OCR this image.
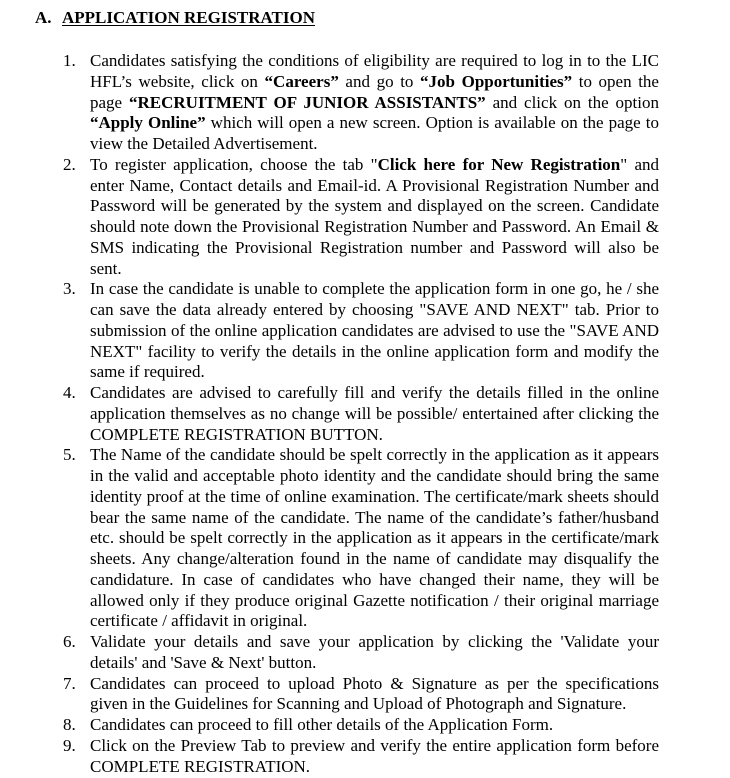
A. APPLICATION REGISTRATION
1. Candidates satisfying the conditions of eligibility are required to log in to the LIC HFL’s website, click on “Careers” and go to “Job Opportunities” to open the page “RECRUITMENT OF JUNIOR ASSISTANTS” and click on the option “Apply Online” which will open a new screen. Option is available on the page to view the Detailed Advertisement.
2. To register application, choose the tab "Click here for New Registration" and enter Name, Contact details and Email-id. A Provisional Registration Number and Password will be generated by the system and displayed on the screen. Candidate should note down the Provisional Registration Number and Password. An Email & SMS indicating the Provisional Registration number and Password will also be sent.
3. In case the candidate is unable to complete the application form in one go, he / she can save the data already entered by choosing "SAVE AND NEXT" tab. Prior to submission of the online application candidates are advised to use the "SAVE AND NEXT" facility to verify the details in the online application form and modify the same if required.
4. Candidates are advised to carefully fill and verify the details filled in the online application themselves as no change will be possible/ entertained after clicking the COMPLETE REGISTRATION BUTTON.
5. The Name of the candidate should be spelt correctly in the application as it appears in the valid and acceptable photo identity and the candidate should bring the same identity proof at the time of online examination. The certificate/mark sheets should bear the same name of the candidate. The name of the candidate’s father/husband etc. should be spelt correctly in the application as it appears in the certificate/mark sheets. Any change/alteration found in the name of candidate may disqualify the candidature. In case of candidates who have changed their name, they will be allowed only if they produce original Gazette notification / their original marriage certificate / affidavit in original.
6. Validate your details and save your application by clicking the 'Validate your details' and 'Save & Next' button.
7. Candidates can proceed to upload Photo & Signature as per the specifications given in the Guidelines for Scanning and Upload of Photograph and Signature.
8. Candidates can proceed to fill other details of the Application Form.
9. Click on the Preview Tab to preview and verify the entire application form before COMPLETE REGISTRATION.
